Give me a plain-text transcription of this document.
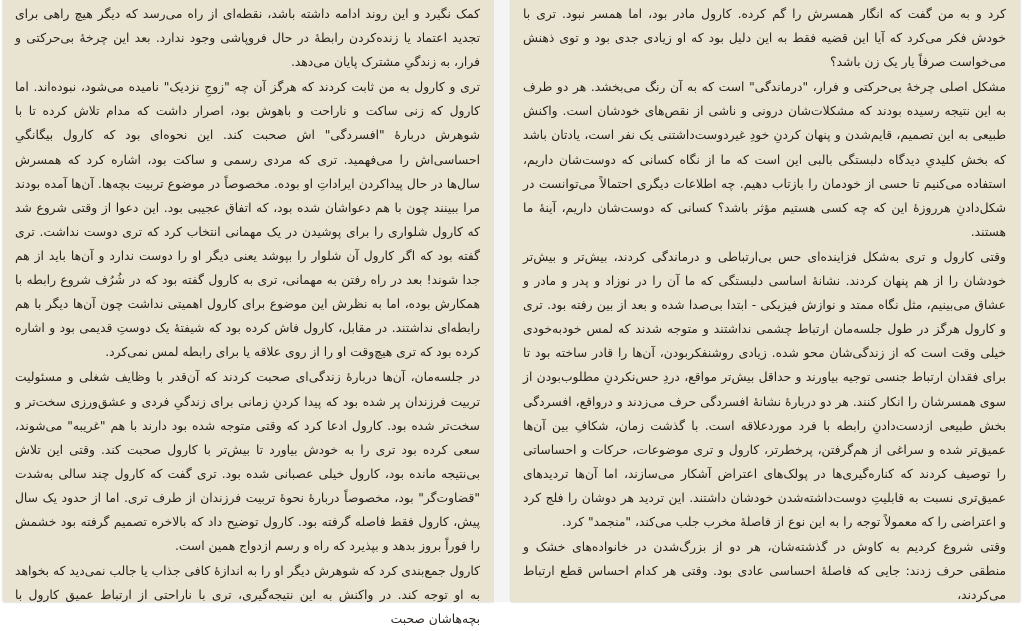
کمک نگیرد و این روند ادامه داشته باشد، نقطه‌ای از راه می‌رسد که دیگر هیچ راهی برای تجدید اعتماد یا زنده‌کردن رابطه‌ٔ در حال فروپاشی وجود ندارد. بعد این چرخه‌ٔ بی‌حرکتی و فرار، به زندگیِ مشترک پایان می‌دهد.

تری و کارول به من ثابت کردند که هرگز آن چه "زوجِ نزدیک" نامیده می‌شود، نبوده‌اند. اما کارول که زنی ساکت و ناراحت و باهوش بود، اصرار داشت که مدام تلاش کرده تا با شوهرش درباره‌ٔ "افسردگی" اش صحبت کند. این نحوه‌ای بود که کارول بیگانگیِ احساسی‌اش را می‌فهمید. تری که مردی رسمی و ساکت بود، اشاره کرد که همسرش سال‌ها در حال پیدا‌کردن ایراداتِ او بوده. مخصوصاً در موضوع تربیت بچه‌ها. آن‌ها آمده بودند مرا ببینند چون با هم دعواشان شده بود، که اتفاق عجیبی بود. این دعوا از وقتی شروع شد که کارول شلواری را برای پوشیدن در یک مهمانی انتخاب کرد که تری دوست نداشت. تری گفته بود که اگر کارول آن شلوار را بپوشد یعنی دیگر او را دوست ندارد و آن‌ها باید از هم جدا شوند! بعد در راه رفتن به مهمانی، تری به کارول گفته بود که در شُرُف شروع رابطه با همکارش بوده، اما به نظرش این موضوع برای کارول اهمیتی نداشت چون آن‌ها دیگر با هم رابطه‌ای نداشتند. در مقابل، کارول فاش کرده بود که شیفته‌ٔ یک دوستِ قدیمی بود و اشاره کرده بود که تری هیچ‌وقت او را از روی علاقه یا برای رابطه لمس نمی‌کرد.

در جلسه‌مان، آن‌ها درباره‌ٔ زندگی‌ای صحبت کردند که آن‌قدر با وظایف شغلی و مسئولیت تربیت فرزندان پر شده بود که پیدا کردنِ زمانی برای زندگیِ فردی و عشق‌ورزی سخت‌تر و سخت‌تر شده بود. کارول ادعا کرد که وقتی متوجه شده بود دارند با هم "غریبه" می‌شوند، سعی کرده بود تری را به خودش بیاورد تا بیش‌تر با کارول صحبت کند. وقتی این تلاش بی‌نتیجه مانده بود، کارول خیلی عصبانی شده بود. تری گفت که کارول چند سالی به‌شدت "قضاوت‌گر" بود، مخصوصاً درباره‌ٔ نحوه‌ٔ تربیت فرزندان از طرف تری. اما از حدود یک سال پیش، کارول فقط فاصله گرفته بود. کارول توضیح داد که بالاخره تصمیم گرفته بود خشمش را فوراً بروز بدهد و بپذیرد که راه و رسم ازدواج همین است.

کارول جمع‌بندی کرد که شوهرش دیگر او را به اندازه‌ٔ کافی جذاب یا جالب نمی‌دید که بخواهد به او توجه کند. در واکنش به این نتیجه‌گیری، تری با ناراحتی از ارتباط عمیق کارول با بچه‌هاشان صحبت

کرد و به من گفت که انگار همسرش را گم کرده. کارول مادر بود، اما همسر نبود. تری با خودش فکر می‌کرد که آیا این قضیه فقط به این دلیل بود که او زیادی جدی بود و توی ذهنش می‌خواست صرفاً یار یک زن باشد؟

مشکل اصلی چرخه‌ٔ بی‌حرکتی و فرار، "درماندگی" است که به آن رنگ می‌بخشد. هر دو طرف به این نتیجه رسیده بودند که مشکلات‌شان درونی و ناشی از نقص‌های خودشان است. واکنش طبیعی به این تصمیم، قایم‌شدن و پنهان کردنِ خودِ غیردوست‌داشتنی یک نفر است، یادتان باشد که بخش کلیدیِ دیدگاه دلبستگی بالبی این است که ما از نگاه کسانی که دوست‌شان داریم، استفاده می‌کنیم تا حسی از خودمان را بازتاب دهیم. چه اطلاعات دیگری احتمالاً می‌توانست در شکل‌دادنِ هرروزه‌ٔ این که چه کسی هستیم مؤثر باشد؟ کسانی که دوست‌شان داریم، آینه‌ٔ ما هستند.

وقتی کارول و تری به‌شکل فزاینده‌ای حس بی‌ارتباطی و درماندگی کردند، بیش‌تر و بیش‌تر خودشان را از هم پنهان کردند. نشانه‌ٔ اساسی دلبستگی که ما آن را در نوزاد و پدر و مادر و عشاق می‌بینیم، مثل نگاه ممتد و نوازش فیزیکی - ابتدا بی‌صدا شده و بعد از بین رفته بود. تری و کارول هرگز در طول جلسه‌مان ارتباط چشمی نداشتند و متوجه شدند که لمس خودبه‌خودی خیلی وقت است که از زندگی‌شان محو شده. زیادی روشنفکربودن، آن‌ها را قادر ساخته بود تا برای فقدان ارتباط جنسی توجیه بیاورند و حداقل بیش‌تر مواقع، دردِ حس‌نکردنِ مطلوب‌بودن از سوی همسرشان را انکار کنند. هر دو درباره‌ٔ نشانه‌ٔ افسردگی حرف می‌زدند و درواقع، افسردگی بخش طبیعی از‌دست‌دادنِ رابطه با فرد موردعلاقه است. با گذشت زمان، شکافِ بین آن‌ها عمیق‌تر شده و سراغی از هم‌گرفتن، پرخطرتر، کارول و تری موضوعات، حرکات و احساساتی را توصیف کردند که کناره‌گیری‌ها در پولک‌های اعتراض آشکار می‌سازند، اما آن‌ها تردیدهای عمیق‌تری نسبت به قابلیتِ دوست‌داشته‌شدن خودشان داشتند. این تردید هر دوشان را فلج کرد و اعتراضی را که معمولاً توجه را به این نوع از فاصله‌ٔ مخرب جلب می‌کند، "منجمد" کرد.

وقتی شروع کردیم به کاوش در گذشته‌شان، هر دو از بزرگ‌شدن در خانواده‌های خشک و منطقی حرف زدند: جایی که فاصله‌ٔ احساسی عادی بود. وقتی هر کدام احساس قطع ارتباط می‌کردند،
